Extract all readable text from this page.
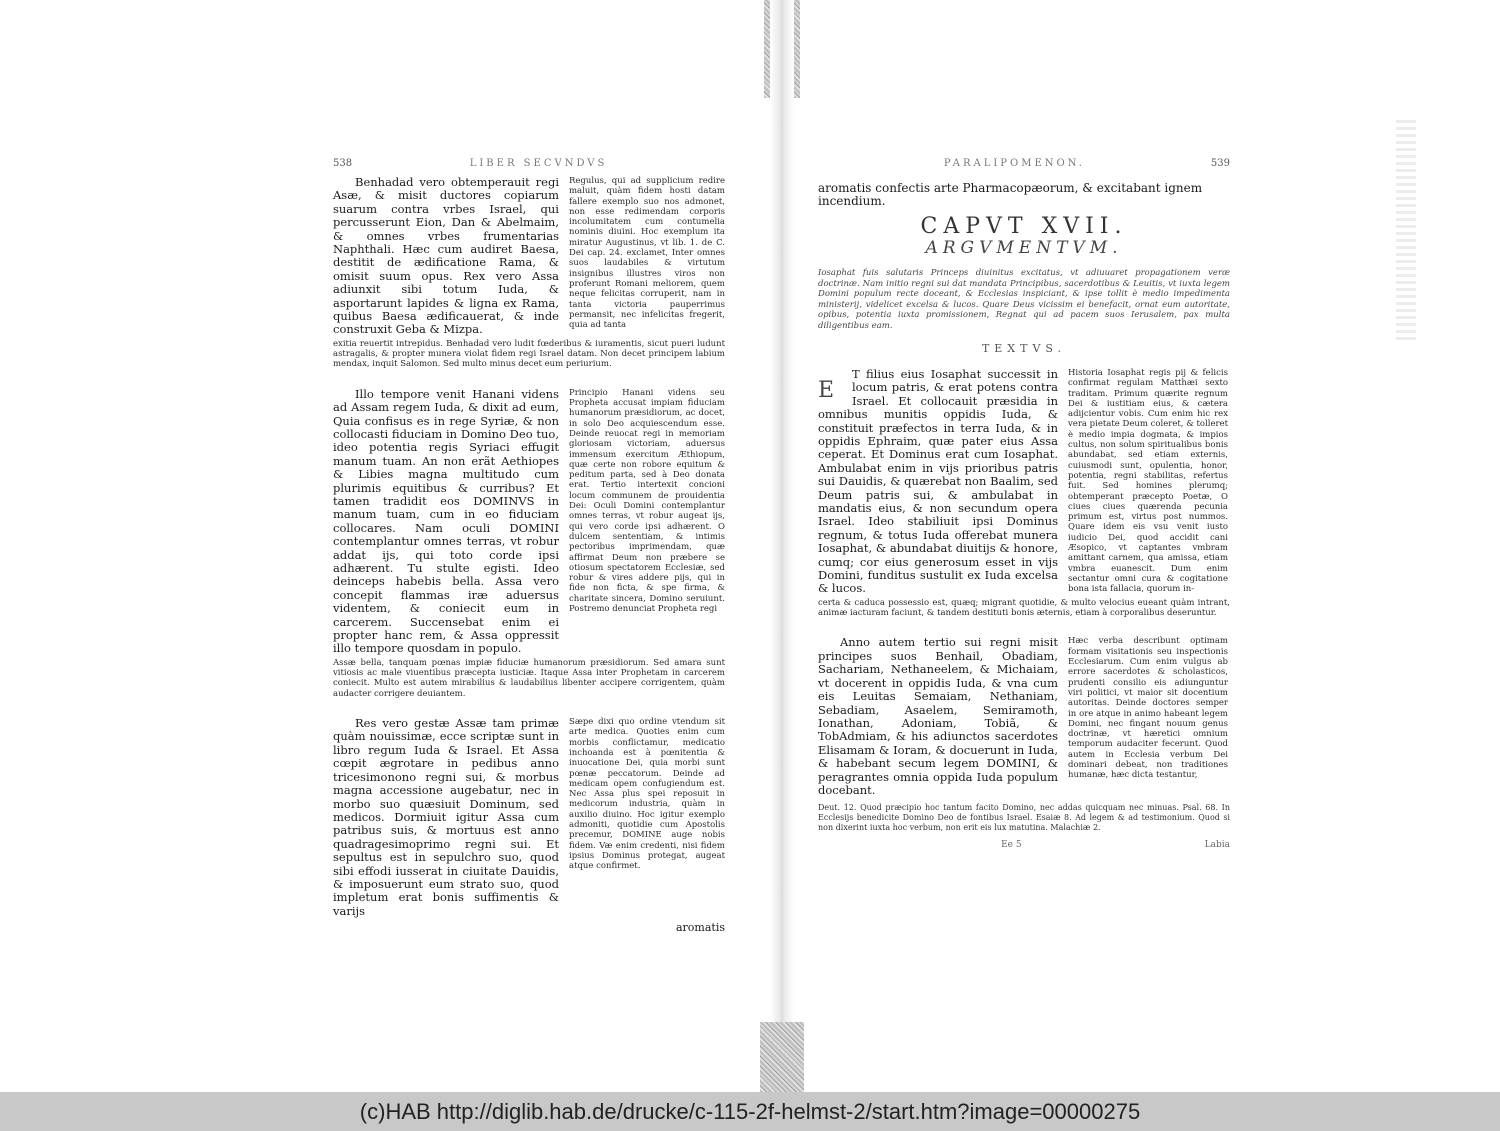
538	LIBER SECVNDVS

Benhadad vero obtemperauit regi Asæ, & misit ductores copiarum suarum contra vrbes Israel, qui percusserunt Eion, Dan & Abelmaim, & omnes vrbes frumentarias Naphthali. Hæc cum audiret Baesa, destitit de ædificatione Rama, & omisit suum opus. Rex vero Assa adiunxit sibi totum Iuda, & asportarunt lapides & ligna ex Rama, quibus Baesa ædificauerat, & inde construxit Geba & Mizpa.

Regulus, qui ad supplicium redire maluit, quàm fidem hosti datam fallere exemplo suo nos admonet, non esse redimendam corporis incolumitatem cum contumelia nominis diuini. Hoc exemplum ita miratur Augustinus, vt lib. 1. de C. Dei cap. 24. exclamet, Inter omnes suos laudabiles & virtutum insignibus illustres viros non proferunt Romani meliorem, quem neque felicitas corruperit, nam in tanta victoria pauperrimus permansit, nec infelicitas fregerit, quia ad tanta

exitia reuertit intrepidus. Benhadad vero ludit fœderibus & iuramentis, sicut pueri ludunt astragalis, & propter munera violat fidem regi Israel datam. Non decet principem labium mendax, inquit Salomon. Sed multo minus decet eum periurium.

Illo tempore venit Hanani videns ad Assam regem Iuda, & dixit ad eum, Quia confisus es in rege Syriæ, & non collocasti fiduciam in Domino Deo tuo, ideo potentia regis Syriaci effugit manum tuam. An non erãt Aethiopes & Libies magna multitudo cum plurimis equitibus & curribus? Et tamen tradidit eos DOMINVS in manum tuam, cum in eo fiduciam collocares. Nam oculi DOMINI contemplantur omnes terras, vt robur addat ijs, qui toto corde ipsi adhærent. Tu stulte egisti. Ideo deinceps habebis bella. Assa vero concepit flammas iræ aduersus videntem, & coniecit eum in carcerem. Succensebat enim ei propter hanc rem, & Assa oppressit illo tempore quosdam in populo.

Principio Hanani videns seu Propheta accusat impiam fiduciam humanorum præsidiorum, ac docet, in solo Deo acquiescendum esse. Deinde reuocat regi in memoriam gloriosam victoriam, aduersus immensum exercitum Æthiopum, quæ certe non robore equitum & peditum parta, sed à Deo donata erat. Tertio intertexit concioni locum communem de prouidentia Dei: Oculi Domini contemplantur omnes terras, vt robur augeat ijs, qui vero corde ipsi adhærent. O dulcem sententiam, & intimis pectoribus imprimendam, quæ affirmat Deum non præbere se otiosum spectatorem Ecclesiæ, sed robur & vires addere pijs, qui in fide non ficta, & spe firma, & charitate sincera, Domino seruiunt. Postremo denunciat Propheta regi

Assæ bella, tanquam pœnas impiæ fiduciæ humanorum præsidiorum. Sed amara sunt vitiosis ac male viuentibus præcepta iusticiæ. Itaque Assa inter Prophetam in carcerem coniecit. Multo est autem mirabilius & laudabilius libenter accipere corrigentem, quàm audacter corrigere deuiantem.

Res vero gestæ Assæ tam primæ quàm nouissimæ, ecce scriptæ sunt in libro regum Iuda & Israel. Et Assa cœpit ægrotare in pedibus anno tricesimonono regni sui, & morbus magna accessione augebatur, nec in morbo suo quæsiuit Dominum, sed medicos. Dormiuit igitur Assa cum patribus suis, & mortuus est anno quadragesimoprimo regni sui. Et sepultus est in sepulchro suo, quod sibi effodi iusserat in ciuitate Dauidis, & imposuerunt eum strato suo, quod impletum erat bonis suffimentis & varijs

Sæpe dixi quo ordine vtendum sit arte medica. Quoties enim cum morbis conflictamur, medicatio inchoanda est à pœnitentia & inuocatione Dei, quia morbi sunt pœnæ peccatorum. Deinde ad medicam opem confugiendum est. Nec Assa plus spei reposuit in medicorum industria, quàm in auxilio diuino. Hoc igitur exemplo admoniti, quotidie cum Apostolis precemur, DOMINE auge nobis fidem. Væ enim credenti, nisi fidem ipsius Dominus protegat, augeat atque confirmet.

aromatis
PARALIPOMENON.	539

aromatis confectis arte Pharmacopæorum, & excitabant ignem incendium.

CAPVT XVII.
ARGVMENTVM.

Iosaphat fuis salutaris Princeps diuinitus excitatus, vt adiuuaret propagationem veræ doctrinæ. Nam initio regni sui dat mandata Principibus, sacerdotibus & Leuitis, vt iuxta legem Domini populum recte doceant, & Ecclesias inspiciant, & ipse tollit è medio impedimenta ministerij, videlicet excelsa & lucos. Quare Deus vicissim ei benefacit, ornat eum autoritate, opibus, potentia iuxta promissionem, Regnat qui ad pacem suos Ierusalem, pax multa diligentibus eam.

TEXTVS.
E

T filius eius Iosaphat successit in locum patris, & erat potens contra Israel. Et collocauit præsidia in omnibus munitis oppidis Iuda, & constituit præfectos in terra Iuda, & in oppidis Ephraim, quæ pater eius Assa ceperat. Et Dominus erat cum Iosaphat. Ambulabat enim in vijs prioribus patris sui Dauidis, & quærebat non Baalim, sed Deum patris sui, & ambulabat in mandatis eius, & non secundum opera Israel. Ideo stabiliuit ipsi Dominus regnum, & totus Iuda offerebat munera Iosaphat, & abundabat diuitijs & honore, cumq; cor eius generosum esset in vijs Domini, funditus sustulit ex Iuda excelsa & lucos.

Historia Iosaphat regis pij & felicis confirmat regulam Matthæi sexto traditam. Primum quærite regnum Dei & iustitiam eius, & cætera adijcientur vobis. Cum enim hic rex vera pietate Deum coleret, & tolleret è medio impia dogmata, & impios cultus, non solum spiritualibus bonis abundabat, sed etiam externis, cuiusmodi sunt, opulentia, honor, potentia, regni stabilitas, refertus fuit. Sed homines plerumq; obtemperant præcepto Poetæ, O ciues ciues quærenda pecunia primum est, virtus post nummos. Quare idem eis vsu venit iusto iudicio Dei, quod accidit cani Æsopico, vt captantes vmbram amittant carnem, qua amissa, etiam vmbra euanescit. Dum enim sectantur omni cura & cogitatione bona ista fallacia, quorum in-

certa & caduca possessio est, quæq; migrant quotidie, & multo velocius eueant quàm intrant, animæ iacturam faciunt, & tandem destituti bonis æternis, etiam à corporalibus deseruntur.

Anno autem tertio sui regni misit principes suos Benhail, Obadiam, Sachariam, Nethaneelem, & Michaiam, vt docerent in oppidis Iuda, & vna cum eis Leuitas Semaiam, Nethaniam, Sebadiam, Asaelem, Semiramoth, Ionathan, Adoniam, Tobiã, & TobAdmiam, & his adiunctos sacerdotes Elisamam & Ioram, & docuerunt in Iuda, & habebant secum legem DOMINI, & peragrantes omnia oppida Iuda populum docebant.

Hæc verba describunt optimam formam visitationis seu inspectionis Ecclesiarum. Cum enim vulgus ab errore sacerdotes & scholasticos, prudenti consilio eis adiunguntur viri politici, vt maior sit docentium autoritas. Deinde doctores semper in ore atque in animo habeant legem Domini, nec fingant nouum genus doctrinæ, vt hæretici omnium temporum audaciter fecerunt. Quod autem in Ecclesia verbum Dei dominari debeat, non traditiones humanæ, hæc dicta testantur,

Deut. 12. Quod præcipio hoc tantum facito Domino, nec addas quicquam nec minuas. Psal. 68. In Ecclesijs benedicite Domino Deo de fontibus Israel. Esaiæ 8. Ad legem & ad testimonium. Quod si non dixerint iuxta hoc verbum, non erit eis lux matutina. Malachiæ 2.

Ee 5	Labia
(c)HAB http://diglib.hab.de/drucke/c-115-2f-helmst-2/start.htm?image=00000275
